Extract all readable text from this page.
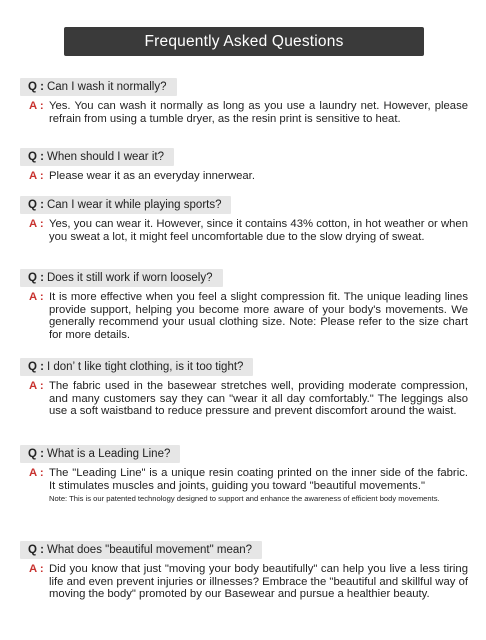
Frequently Asked Questions
Q : Can I wash it normally?
A : Yes. You can wash it normally as long as you use a laundry net. However, please refrain from using a tumble dryer, as the resin print is sensitive to heat.
Q : When should I wear it?
A : Please wear it as an everyday innerwear.
Q : Can I wear it while playing sports?
A : Yes, you can wear it. However, since it contains 43% cotton, in hot weather or when you sweat a lot, it might feel uncomfortable due to the slow drying of sweat.
Q : Does it still work if worn loosely?
A : It is more effective when you feel a slight compression fit. The unique leading lines provide support, helping you become more aware of your body's movements. We generally recommend your usual clothing size. Note: Please refer to the size chart for more details.
Q : I don’ t like tight clothing, is it too tight?
A : The fabric used in the basewear stretches well, providing moderate compression, and many customers say they can "wear it all day comfortably." The leggings also use a soft waistband to reduce pressure and prevent discomfort around the waist.
Q : What is a Leading Line?
A : The "Leading Line" is a unique resin coating printed on the inner side of the fabric. It stimulates muscles and joints, guiding you toward "beautiful movements."
Note: This is our patented technology designed to support and enhance the awareness of efficient body movements.
Q : What does "beautiful movement" mean?
A : Did you know that just "moving your body beautifully" can help you live a less tiring life and even prevent injuries or illnesses? Embrace the "beautiful and skillful way of moving the body" promoted by our Basewear and pursue a healthier beauty.
